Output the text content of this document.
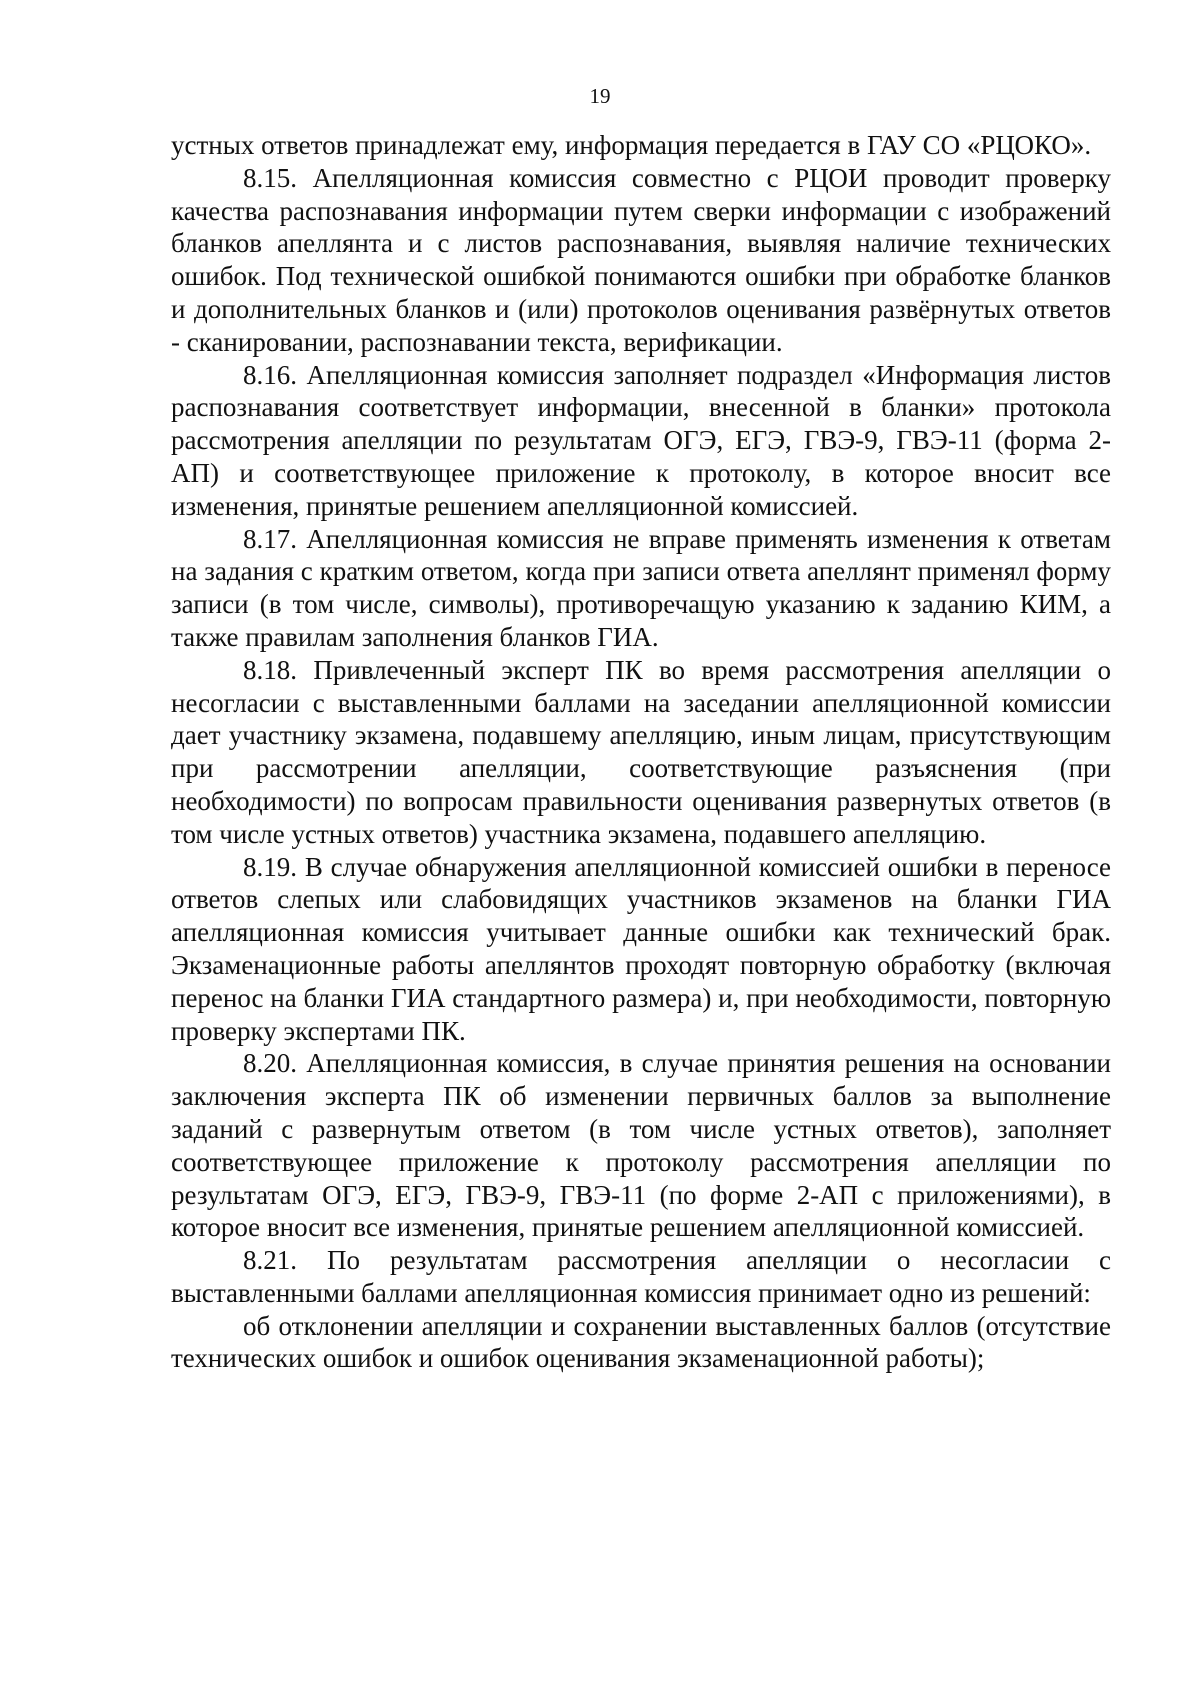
19

устных ответов принадлежат ему, информация передается в ГАУ СО «РЦОКО».

8.15. Апелляционная комиссия совместно с РЦОИ проводит проверку качества распознавания информации путем сверки информации с изображений бланков апеллянта и с листов распознавания, выявляя наличие технических ошибок. Под технической ошибкой понимаются ошибки при обработке бланков и дополнительных бланков и (или) протоколов оценивания развёрнутых ответов - сканировании, распознавании текста, верификации.

8.16. Апелляционная комиссия заполняет подраздел «Информация листов распознавания соответствует информации, внесенной в бланки» протокола рассмотрения апелляции по результатам ОГЭ, ЕГЭ, ГВЭ-9, ГВЭ-11 (форма 2-АП) и соответствующее приложение к протоколу, в которое вносит все изменения, принятые решением апелляционной комиссией.

8.17. Апелляционная комиссия не вправе применять изменения к ответам на задания с кратким ответом, когда при записи ответа апеллянт применял форму записи (в том числе, символы), противоречащую указанию к заданию КИМ, а также правилам заполнения бланков ГИА.

8.18. Привлеченный эксперт ПК во время рассмотрения апелляции о несогласии с выставленными баллами на заседании апелляционной комиссии дает участнику экзамена, подавшему апелляцию, иным лицам, присутствующим при рассмотрении апелляции, соответствующие разъяснения (при необходимости) по вопросам правильности оценивания развернутых ответов (в том числе устных ответов) участника экзамена, подавшего апелляцию.

8.19. В случае обнаружения апелляционной комиссией ошибки в переносе ответов слепых или слабовидящих участников экзаменов на бланки ГИА апелляционная комиссия учитывает данные ошибки как технический брак. Экзаменационные работы апеллянтов проходят повторную обработку (включая перенос на бланки ГИА стандартного размера) и, при необходимости, повторную проверку экспертами ПК.

8.20. Апелляционная комиссия, в случае принятия решения на основании заключения эксперта ПК об изменении первичных баллов за выполнение заданий с развернутым ответом (в том числе устных ответов), заполняет соответствующее приложение к протоколу рассмотрения апелляции по результатам ОГЭ, ЕГЭ, ГВЭ-9, ГВЭ-11 (по форме 2-АП с приложениями), в которое вносит все изменения, принятые решением апелляционной комиссией.

8.21. По результатам рассмотрения апелляции о несогласии с выставленными баллами апелляционная комиссия принимает одно из решений:

об отклонении апелляции и сохранении выставленных баллов (отсутствие технических ошибок и ошибок оценивания экзаменационной работы);
